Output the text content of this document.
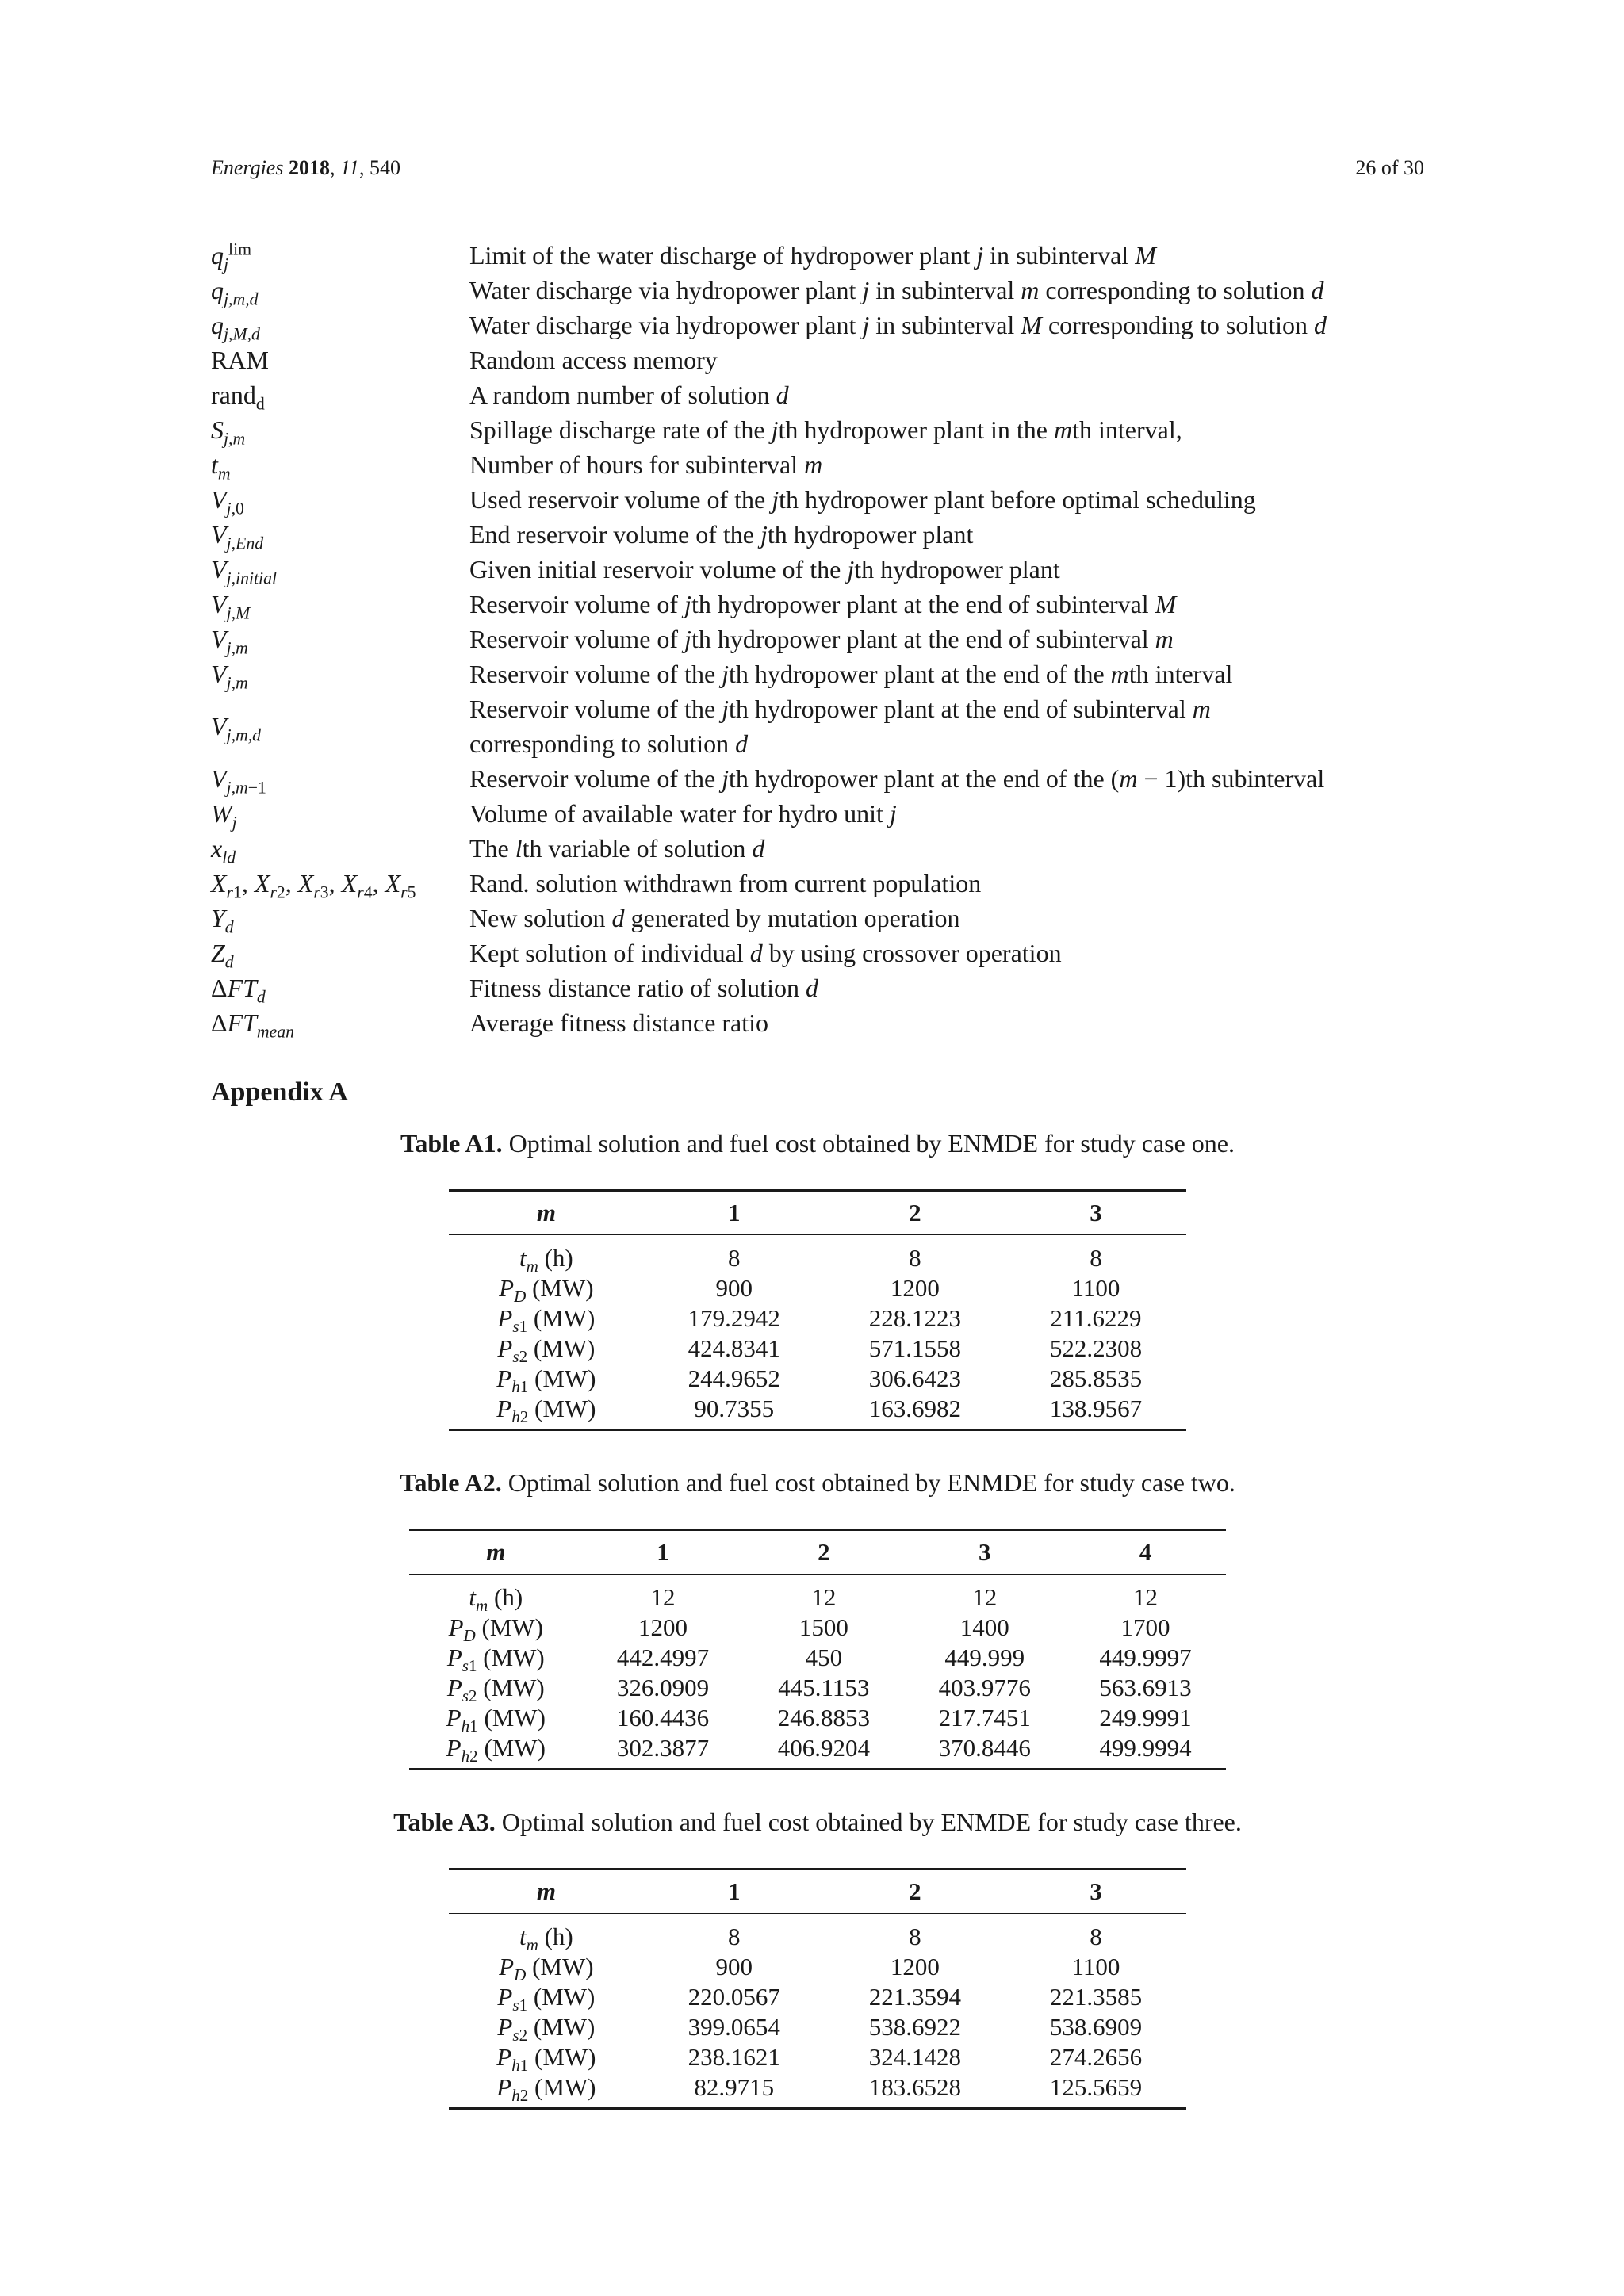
Energies 2018, 11, 540	26 of 30
$q_j^{lim}$	Limit of the water discharge of hydropower plant j in subinterval M
$q_{j,m,d}$	Water discharge via hydropower plant j in subinterval m corresponding to solution d
$q_{j,M,d}$	Water discharge via hydropower plant j in subinterval M corresponding to solution d
RAM	Random access memory
rand$_d$	A random number of solution d
$S_{j,m}$	Spillage discharge rate of the jth hydropower plant in the mth interval,
$t_m$	Number of hours for subinterval m
$V_{j,0}$	Used reservoir volume of the jth hydropower plant before optimal scheduling
$V_{j,End}$	End reservoir volume of the jth hydropower plant
$V_{j,initial}$	Given initial reservoir volume of the jth hydropower plant
$V_{j,M}$	Reservoir volume of jth hydropower plant at the end of subinterval M
$V_{j,m}$	Reservoir volume of jth hydropower plant at the end of subinterval m
$V_{j,m}$	Reservoir volume of the jth hydropower plant at the end of the mth interval
$V_{j,m,d}$
Reservoir volume of the jth hydropower plant at the end of subinterval m
corresponding to solution d
$V_{j,m-1}$	Reservoir volume of the jth hydropower plant at the end of the (m − 1)th subinterval
$W_j$	Volume of available water for hydro unit j
$x_{ld}$	The lth variable of solution d
$X_{r1}$, $X_{r2}$, $X_{r3}$, $X_{r4}$, $X_{r5}$	Rand. solution withdrawn from current population
$Y_d$	New solution d generated by mutation operation
$Z_d$	Kept solution of individual d by using crossover operation
$\Delta FT_d$	Fitness distance ratio of solution d
$\Delta FT_{mean}$	Average fitness distance ratio
Appendix A
Table A1. Optimal solution and fuel cost obtained by ENMDE for study case one.
m	1	2	3
$t_m$ (h)	8	8	8
$P_D$ (MW)	900	1200	1100
$P_{s1}$ (MW)	179.2942	228.1223	211.6229
$P_{s2}$ (MW)	424.8341	571.1558	522.2308
$P_{h1}$ (MW)	244.9652	306.6423	285.8535
$P_{h2}$ (MW)	90.7355	163.6982	138.9567
Table A2. Optimal solution and fuel cost obtained by ENMDE for study case two.
m	1	2	3	4
$t_m$ (h)	12	12	12	12
$P_D$ (MW)	1200	1500	1400	1700
$P_{s1}$ (MW)	442.4997	450	449.999	449.9997
$P_{s2}$ (MW)	326.0909	445.1153	403.9776	563.6913
$P_{h1}$ (MW)	160.4436	246.8853	217.7451	249.9991
$P_{h2}$ (MW)	302.3877	406.9204	370.8446	499.9994
Table A3. Optimal solution and fuel cost obtained by ENMDE for study case three.
m	1	2	3
$t_m$ (h)	8	8	8
$P_D$ (MW)	900	1200	1100
$P_{s1}$ (MW)	220.0567	221.3594	221.3585
$P_{s2}$ (MW)	399.0654	538.6922	538.6909
$P_{h1}$ (MW)	238.1621	324.1428	274.2656
$P_{h2}$ (MW)	82.9715	183.6528	125.5659
